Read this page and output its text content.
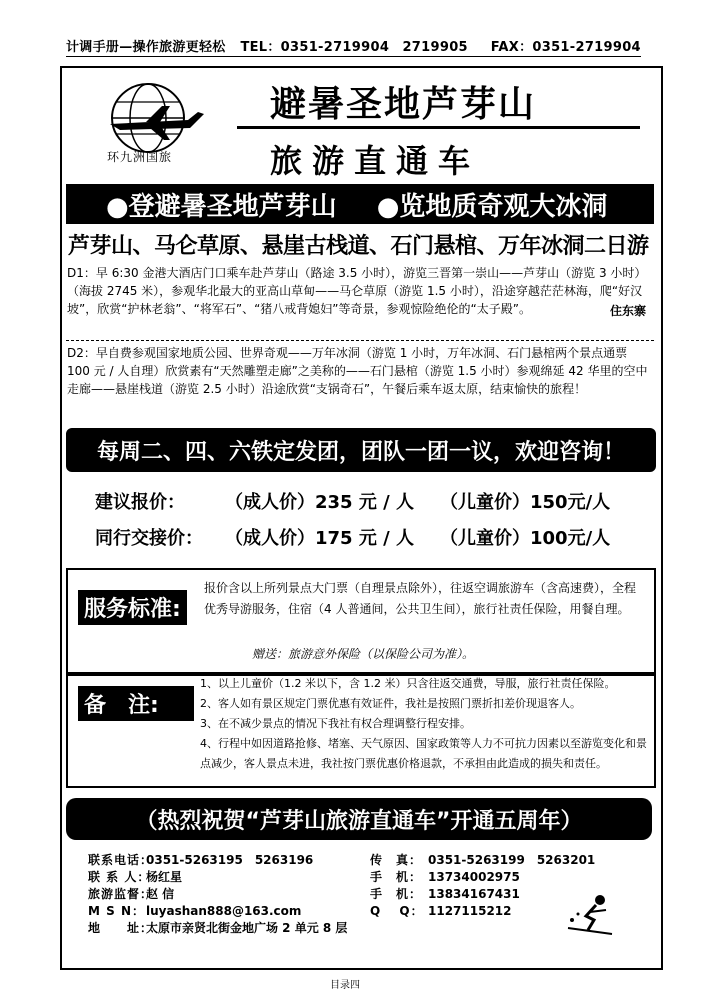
计调手册—操作旅游更轻松 TEL：0351-2719904　2719905 FAX：0351-2719904
环九洲国旅
避暑圣地芦芽山
旅游直通车
●登避暑圣地芦芽山 ●览地质奇观大冰洞
芦芽山、马仑草原、悬崖古栈道、石门悬棺、万年冰洞二日游

D1：早 6:30 金港大酒店门口乘车赴芦芽山（路途 3.5 小时），游览三晋第一崇山——芦芽山（游览 3 小时）（海拔 2745 米），参观华北最大的亚高山草甸——马仑草原（游览 1.5 小时），沿途穿越茫茫林海，爬“好汉坡”，欣赏“护林老翁”、“将军石”、“猪八戒背媳妇”等奇景，参观惊险绝伦的“太子殿”。	住东寨

D2：早自费参观国家地质公园、世界奇观——万年冰洞（游览 1 小时，万年冰洞、石门悬棺两个景点通票 100 元 / 人自理）欣赏素有“天然雕塑走廊”之美称的——石门悬棺（游览 1.5 小时）参观绵延 42 华里的空中走廊——悬崖栈道（游览 2.5 小时）沿途欣赏“支锅奇石”，午餐后乘车返太原，结束愉快的旅程！

每周二、四、六铁定发团，团队一团一议，欢迎咨询！
建议报价： （成人价）235 元 / 人 （儿童价）150元/人
同行交接价： （成人价）175 元 / 人 （儿童价）100元/人
服务标准:
报价含以上所列景点大门票（自理景点除外），往返空调旅游车（含高速费），全程优秀导游服务，住宿（4 人普通间，公共卫生间），旅行社责任保险，用餐自理。
赠送：旅游意外保险（以保险公司为准）。
备　注:
1、以上儿童价（1.2 米以下，含 1.2 米）只含往返交通费，导服，旅行社责任保险。
2、客人如有景区规定门票优惠有效证件，我社是按照门票折扣差价现退客人。
3、在不减少景点的情况下我社有权合理调整行程安排。
4、行程中如因道路抢修、堵塞、天气原因、国家政策等人力不可抗力因素以至游览变化和景点减少，客人景点未进，我社按门票优惠价格退款，不承担由此造成的损失和责任。
（热烈祝贺“芦芽山旅游直通车”开通五周年）
联系电话：0351-5263195　5263196
联 系 人：杨红星
旅游监督：赵 信
M S N：luyashan888@163.com
地　　址：太原市亲贤北街金地广场 2 单元 8 层
传　真： 0351-5263199　5263201
手　机： 13734002975
手　机： 13834167431
Q　 Q： 1127115212
目录四
